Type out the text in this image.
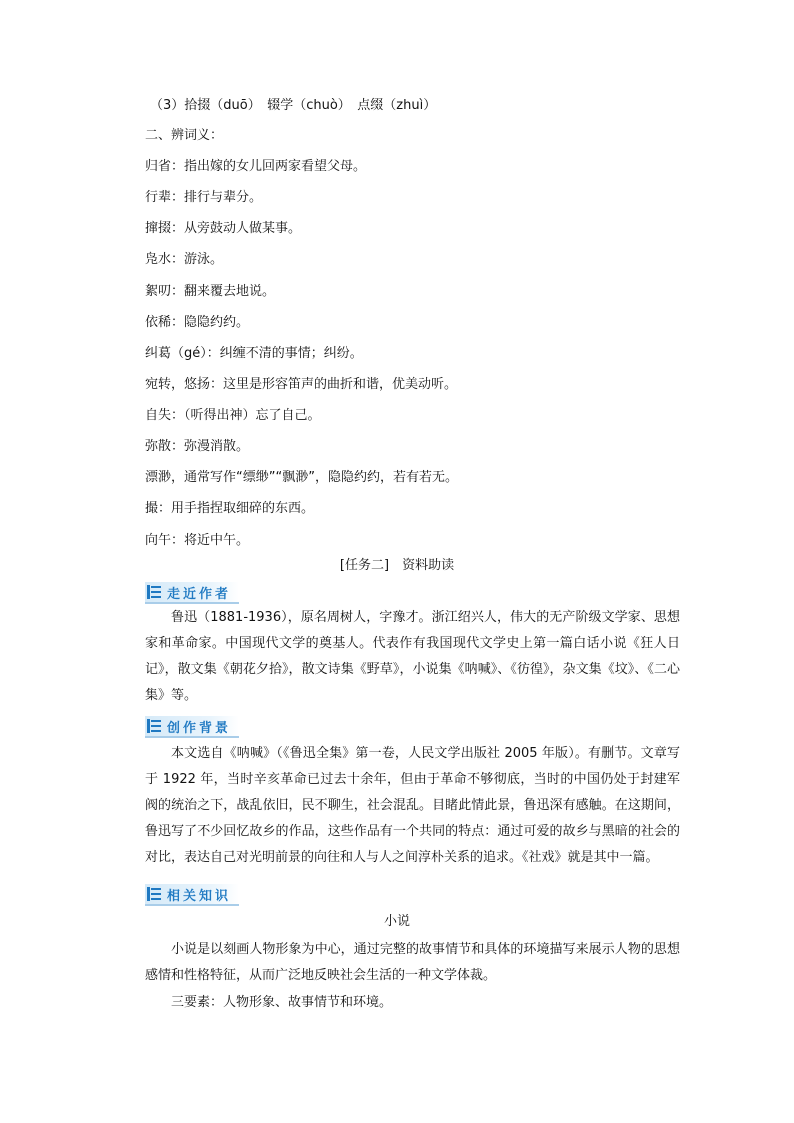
（3）拾掇（duō）　辍学（chuò）　点缀（zhuì）

二、辨词义：

归省：指出嫁的女儿回两家看望父母。

行辈：排行与辈分。

撺掇：从旁鼓动人做某事。

凫水：游泳。

絮叨：翻来覆去地说。

依稀：隐隐约约。

纠葛（gé）：纠缠不清的事情；纠纷。

宛转，悠扬：这里是形容笛声的曲折和谐，优美动听。

自失：（听得出神）忘了自己。

弥散：弥漫消散。

漂渺，通常写作“缥缈”“飘渺”，隐隐约约，若有若无。

撮：用手指捏取细碎的东西。

向午：将近中午。

[任务二]　资料助读
走近作者

鲁迅（1881-1936），原名周树人，字豫才。浙江绍兴人，伟大的无产阶级文学家、思想家和革命家。中国现代文学的奠基人。代表作有我国现代文学史上第一篇白话小说《狂人日记》，散文集《朝花夕拾》，散文诗集《野草》，小说集《呐喊》、《彷徨》，杂文集《坟》、《二心集》等。

创作背景

本文选自《呐喊》（《鲁迅全集》第一卷，人民文学出版社 2005 年版）。有删节。文章写于 1922 年，当时辛亥革命已过去十余年，但由于革命不够彻底，当时的中国仍处于封建军阀的统治之下，战乱依旧，民不聊生，社会混乱。目睹此情此景，鲁迅深有感触。在这期间，鲁迅写了不少回忆故乡的作品，这些作品有一个共同的特点：通过可爱的故乡与黑暗的社会的对比，表达自己对光明前景的向往和人与人之间淳朴关系的追求。《社戏》就是其中一篇。

相关知识
小说

小说是以刻画人物形象为中心，通过完整的故事情节和具体的环境描写来展示人物的思想感情和性格特征，从而广泛地反映社会生活的一种文学体裁。

三要素：人物形象、故事情节和环境。
